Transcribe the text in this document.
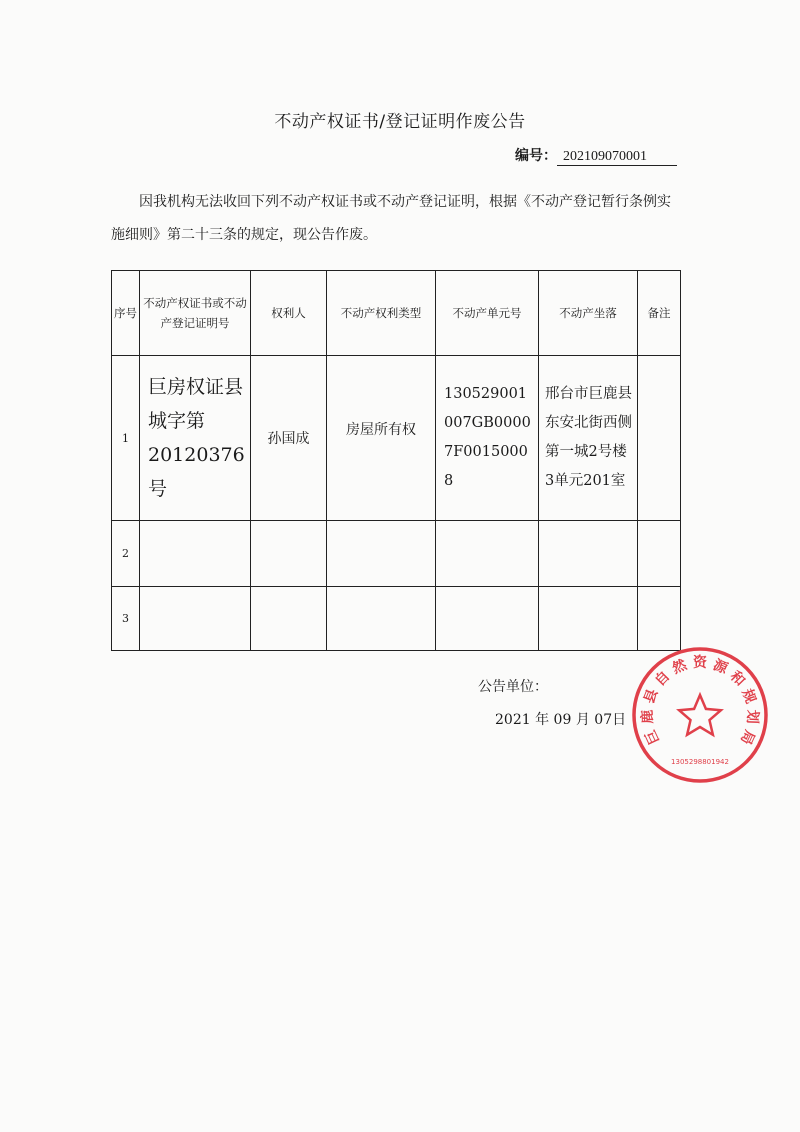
不动产权证书/登记证明作废公告
编号： 202109070001
因我机构无法收回下列不动产权证书或不动产登记证明，根据《不动产登记暂行条例实施细则》第二十三条的规定，现公告作废。
序号	不动产权证书或不动产登记证明号	权利人	不动产权利类型	不动产单元号	不动产坐落	备注
1	巨房权证县城字第20120376号	孙国成	房屋所有权	130529001007GB00007F00150008	邢台市巨鹿县东安北街西侧第一城2号楼3单元201室	
2						
3						
公告单位：
2021 年 09 月 07日
巨
鹿
县
自
然 资 源
和
规
划
局
1305298801942
